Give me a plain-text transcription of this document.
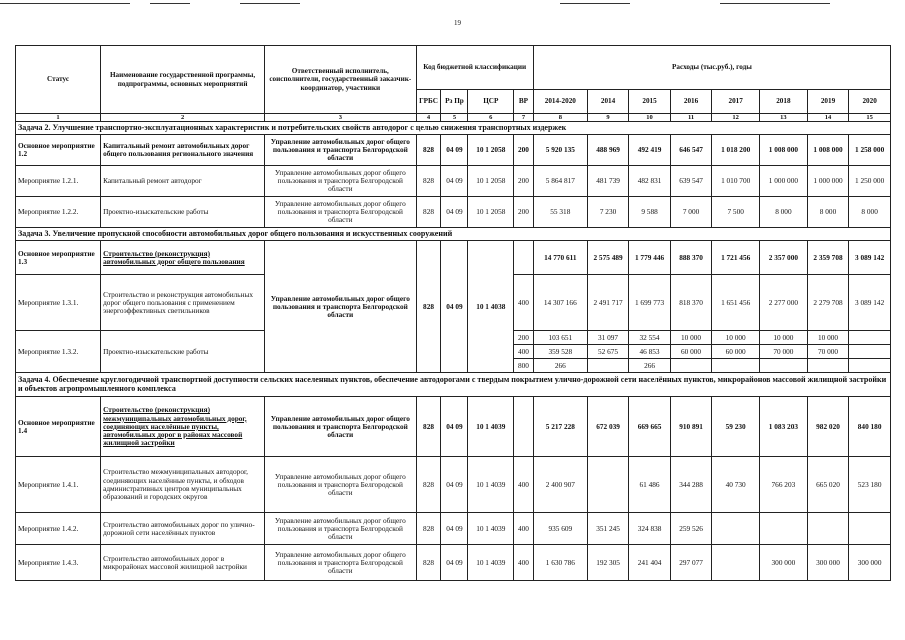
19
Статус	Наименование государственной программы, подпрограммы, основных мероприятий	Ответственный исполнитель, соисполнители, государственный заказчик-координатор, участники	Код бюджетной классификации				Расходы (тыс.руб.), годы							
			ГРБС	Рз Пр	ЦСР	ВР	2014-2020	2014	2015	2016	2017	2018	2019	2020
1	2	3	4	5	6	7	8	9	10	11	12	13	14	15
Задача 2. Улучшение транспортно-эксплуатационных характеристик и потребительских свойств автодорог с целью снижения транспортных издержек														
Основное мероприятие 1.2	Капитальный ремонт автомобильных дорог общего пользования регионального значения	Управление автомобильных дорог общего пользования и транспорта Белгородской области	828	04 09	10 1 2058	200	5 920 135	488 969	492 419	646 547	1 018 200	1 008 000	1 008 000	1 258 000
Мероприятие 1.2.1.	Капитальный ремонт автодорог	Управление автомобильных дорог общего пользования и транспорта Белгородской области	828	04 09	10 1 2058	200	5 864 817	481 739	482 831	639 547	1 010 700	1 000 000	1 000 000	1 250 000
Мероприятие 1.2.2.	Проектно-изыскательские работы	Управление автомобильных дорог общего пользования и транспорта Белгородской области	828	04 09	10 1 2058	200	55 318	7 230	9 588	7 000	7 500	8 000	8 000	8 000
Задача 3. Увеличение пропускной способности автомобильных дорог общего пользования и искусственных сооружений														
Основное мероприятие 1.3	Строительство (реконструкция) автомобильных дорог общего пользования	Управление автомобильных дорог общего пользования и транспорта Белгородской области	828	04 09	10 1 4038		14 770 611	2 575 489	1 779 446	888 370	1 721 456	2 357 000	2 359 708	3 089 142
Мероприятие 1.3.1.	Строительство и реконструкция автомобильных дорог общего пользования с применением энергоэффективных светильников					400	14 307 166	2 491 717	1 699 773	818 370	1 651 456	2 277 000	2 279 708	3 089 142
Мероприятие 1.3.2.	Проектно-изыскательские работы					200	103 651	31 097	32 554	10 000	10 000	10 000	10 000	
						400	359 528	52 675	46 853	60 000	60 000	70 000	70 000	
						800	266		266					
Задача 4. Обеспечение круглогодичной транспортной доступности сельских населенных пунктов, обеспечение автодорогами с твердым покрытием улично-дорожной сети населённых пунктов, микрорайонов массовой жилищной застройки и объектов агропромышленного комплекса														
Основное мероприятие 1.4	Строительство (реконструкция) межмуниципальных автомобильных дорог, соединяющих населённые пункты, автомобильных дорог в районах массовой жилищной застройки	Управление автомобильных дорог общего пользования и транспорта Белгородской области	828	04 09	10 1 4039		5 217 228	672 039	669 665	910 891	59 230	1 083 203	982 020	840 180
Мероприятие 1.4.1.	Строительство межмуниципальных автодорог, соединяющих населённые пункты, и обходов административных центров муниципальных образований и городских округов	Управление автомобильных дорог общего пользования и транспорта Белгородской области	828	04 09	10 1 4039	400	2 400 907		61 486	344 288	40 730	766 203	665 020	523 180
Мероприятие 1.4.2.	Строительство автомобильных дорог по улично-дорожной сети населённых пунктов	Управление автомобильных дорог общего пользования и транспорта Белгородской области	828	04 09	10 1 4039	400	935 609	351 245	324 838	259 526				
Мероприятие 1.4.3.	Строительство автомобильных дорог в микрорайонах массовой жилищной застройки	Управление автомобильных дорог общего пользования и транспорта Белгородской области	828	04 09	10 1 4039	400	1 630 786	192 305	241 404	297 077		300 000	300 000	300 000
